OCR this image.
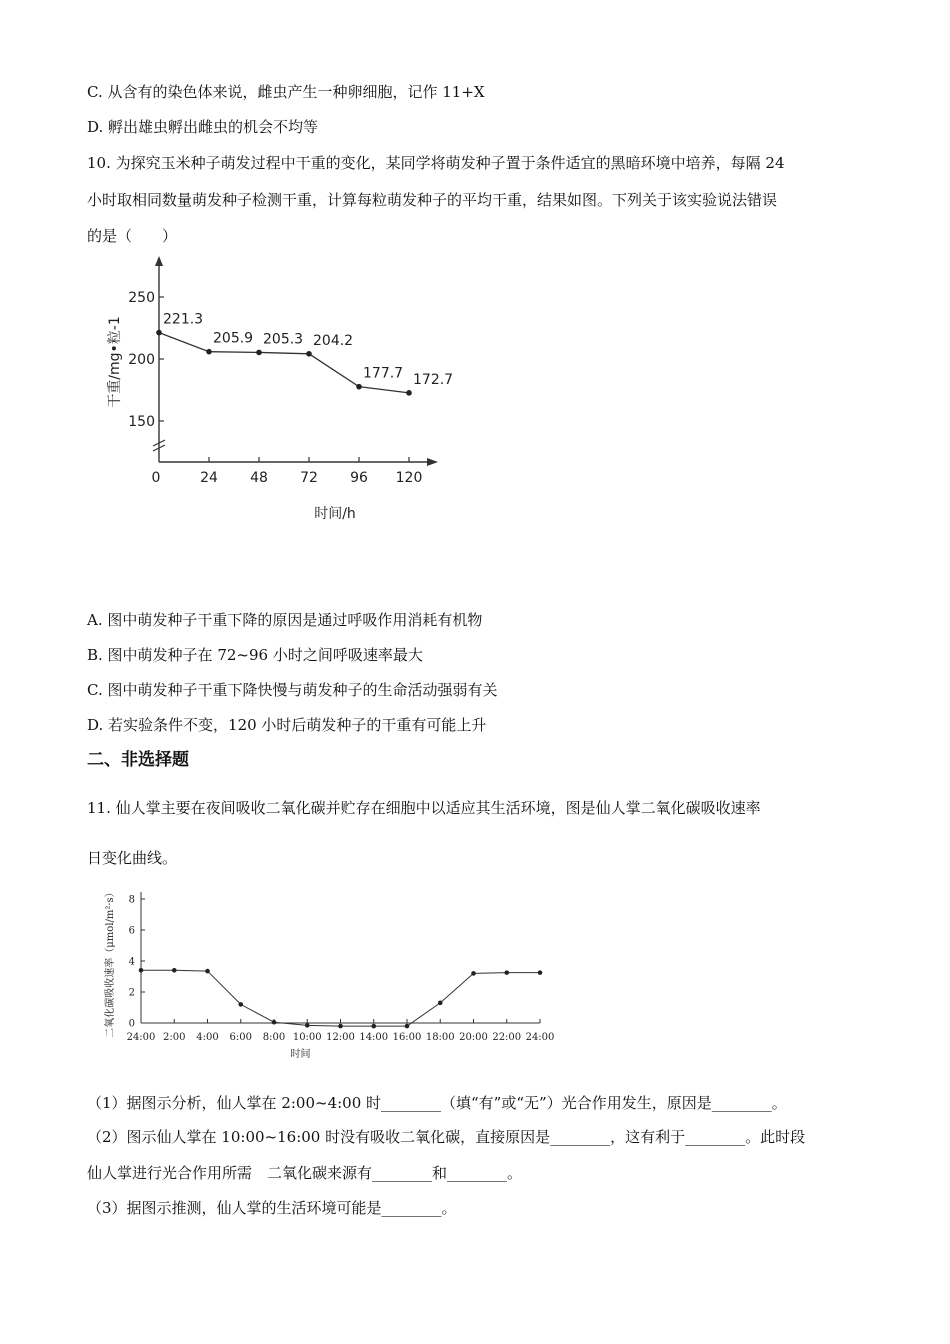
C. 从含有的染色体来说，雌虫产生一种卵细胞，记作 11+X
D. 孵出雄虫孵出雌虫的机会不均等
10. 为探究玉米种子萌发过程中干重的变化，某同学将萌发种子置于条件适宜的黑暗环境中培养，每隔 24
小时取相同数量萌发种子检测干重，计算每粒萌发种子的平均干重，结果如图。下列关于该实验说法错误
的是（　　）
150
200
250
0	24 48 72 96 120
221.3
205.9 205.3 204.2
177.7 172.7
时间/h
干重/mg•粒-1
A. 图中萌发种子干重下降的原因是通过呼吸作用消耗有机物
B. 图中萌发种子在 72~96 小时之间呼吸速率最大
C. 图中萌发种子干重下降快慢与萌发种子的生命活动强弱有关
D. 若实验条件不变，120 小时后萌发种子的干重有可能上升
二、非选择题
11. 仙人掌主要在夜间吸收二氧化碳并贮存在细胞中以适应其生活环境，图是仙人掌二氧化碳吸收速率
日变化曲线。
0
2
4
6
8
24:00 2:00 4:00 6:00 8:00 10:00 12:00 14:00 16:00 18:00 20:00 22:00 24:00
时间
二氧化碳吸收速率（μmol/m²·s）
（1）据图示分析，仙人掌在 2:00~4:00 时________（填“有”或“无”）光合作用发生，原因是________。
（2）图示仙人掌在 10:00~16:00 时没有吸收二氧化碳，直接原因是________，这有利于________。此时段
仙人掌进行光合作用所需　二氧化碳来源有________和________。
（3）据图示推测，仙人掌的生活环境可能是________。
